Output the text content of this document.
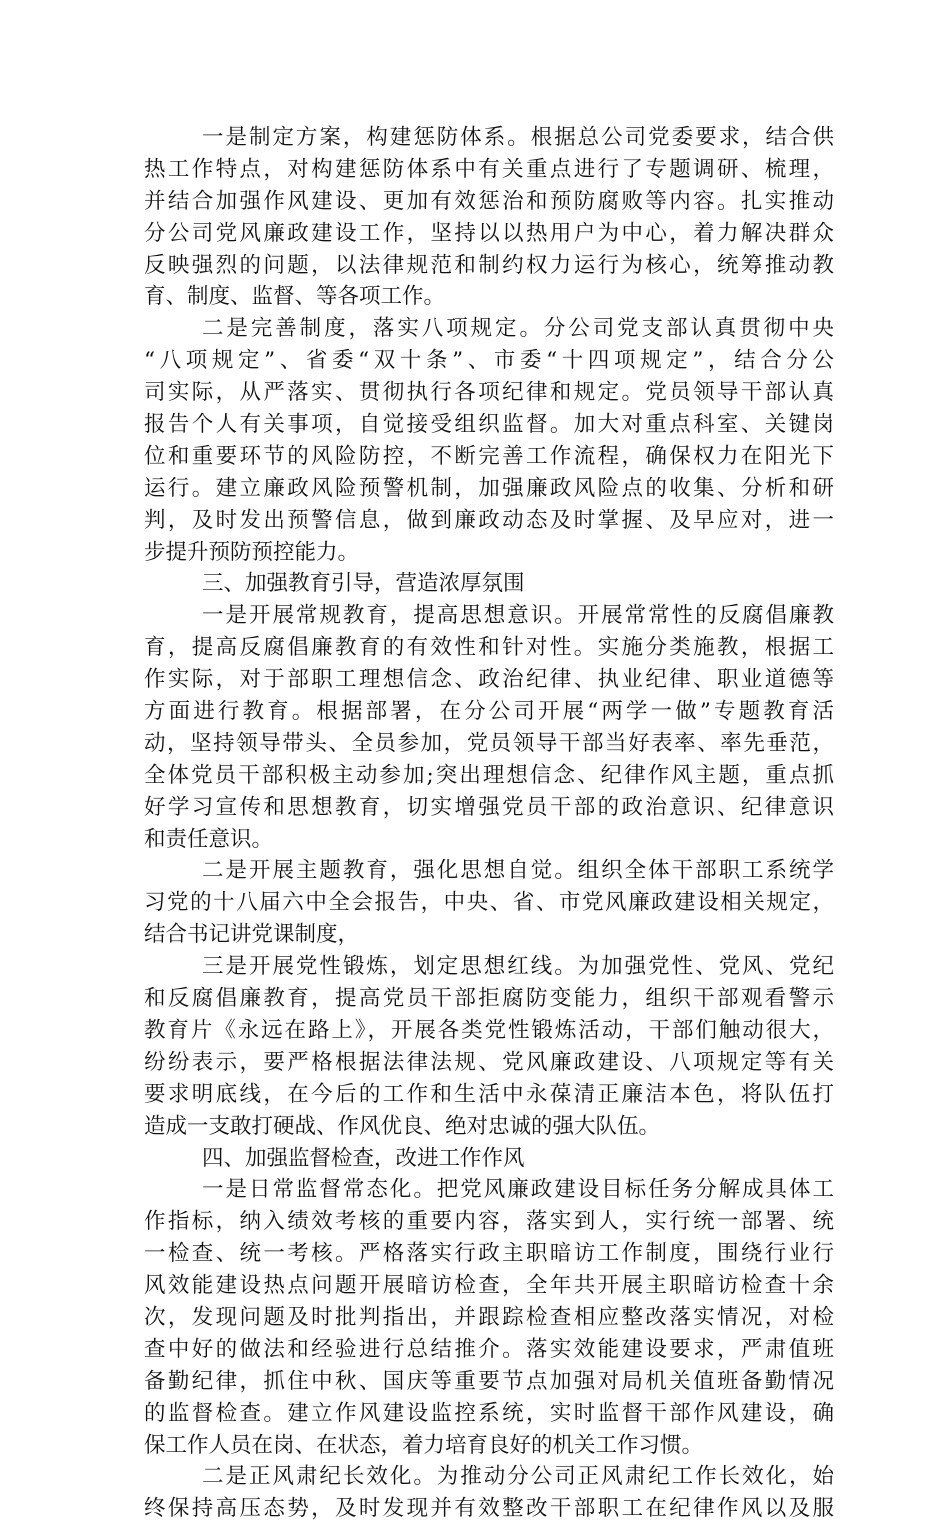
一是制定方案，构建惩防体系。根据总公司党委要求，结合供
热工作特点，对构建惩防体系中有关重点进行了专题调研、梳理，
并结合加强作风建设、更加有效惩治和预防腐败等内容。扎实推动
分公司党风廉政建设工作，坚持以以热用户为中心，着力解决群众
反映强烈的问题，以法律规范和制约权力运行为核心，统筹推动教
育、制度、监督、等各项工作。
二是完善制度，落实八项规定。分公司党支部认真贯彻中央
“八项规定”、省委“双十条”、市委“十四项规定”，结合分公
司实际，从严落实、贯彻执行各项纪律和规定。党员领导干部认真
报告个人有关事项，自觉接受组织监督。加大对重点科室、关键岗
位和重要环节的风险防控，不断完善工作流程，确保权力在阳光下
运行。建立廉政风险预警机制，加强廉政风险点的收集、分析和研
判，及时发出预警信息，做到廉政动态及时掌握、及早应对，进一
步提升预防预控能力。
三、加强教育引导，营造浓厚氛围
一是开展常规教育，提高思想意识。开展常常性的反腐倡廉教
育，提高反腐倡廉教育的有效性和针对性。实施分类施教，根据工
作实际，对于部职工理想信念、政治纪律、执业纪律、职业道德等
方面进行教育。根据部署，在分公司开展“两学一做”专题教育活
动，坚持领导带头、全员参加，党员领导干部当好表率、率先垂范，
全体党员干部积极主动参加;突出理想信念、纪律作风主题，重点抓
好学习宣传和思想教育，切实增强党员干部的政治意识、纪律意识
和责任意识。
二是开展主题教育，强化思想自觉。组织全体干部职工系统学
习党的十八届六中全会报告，中央、省、市党风廉政建设相关规定，
结合书记讲党课制度，
三是开展党性锻炼，划定思想红线。为加强党性、党风、党纪
和反腐倡廉教育，提高党员干部拒腐防变能力，组织干部观看警示
教育片《永远在路上》，开展各类党性锻炼活动，干部们触动很大，
纷纷表示，要严格根据法律法规、党风廉政建设、八项规定等有关
要求明底线，在今后的工作和生活中永葆清正廉洁本色，将队伍打
造成一支敢打硬战、作风优良、绝对忠诚的强大队伍。
四、加强监督检查，改进工作作风
一是日常监督常态化。把党风廉政建设目标任务分解成具体工
作指标，纳入绩效考核的重要内容，落实到人，实行统一部署、统
一检查、统一考核。严格落实行政主职暗访工作制度，围绕行业行
风效能建设热点问题开展暗访检查，全年共开展主职暗访检查十余
次，发现问题及时批判指出，并跟踪检查相应整改落实情况，对检
查中好的做法和经验进行总结推介。落实效能建设要求，严肃值班
备勤纪律，抓住中秋、国庆等重要节点加强对局机关值班备勤情况
的监督检查。建立作风建设监控系统，实时监督干部作风建设，确
保工作人员在岗、在状态，着力培育良好的机关工作习惯。
二是正风肃纪长效化。为推动分公司正风肃纪工作长效化，始
终保持高压态势，及时发现并有效整改干部职工在纪律作风以及服
